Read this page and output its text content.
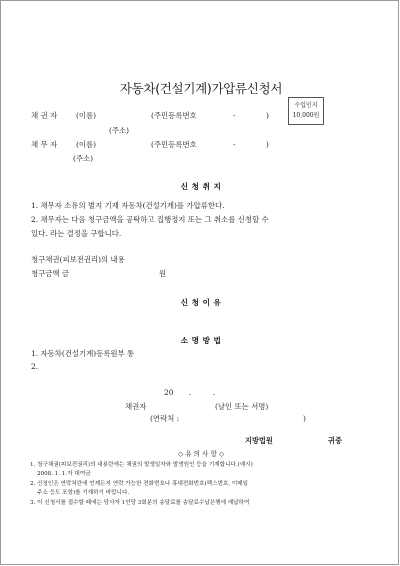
자동차(건설기계)가압류신청서
수입인지
10,000원
채 권 자	(이름)	(주민등록번호	-	)
(주소)
채 무 자	(이름)	(주민등록번호	-	)
(주소)
신 청 취 지
1. 채무자 소유의 별지 기재 자동차(건설기계)를 가압류한다.
2. 채무자는 다음 청구금액을 공탁하고 집행정지 또는 그 취소를 신청할 수
있다. 라는 결정을 구합니다.
청구채권(피보전권리)의 내용
청구금액 금	원
신 청 이 유
소 명 방 법
1. 자동차(건설기계)등록원부 통
2.
20 .	.
채권자	(날인 또는 서명)
(연락처 :	)
지방법원	귀중
◇ 유 의 사 항 ◇
1. 청구채권(피보전권리)의 내용란에는 채권의 발생일자와 발생원인 등을 기재합니다.(예시)
2008. 1. 1.자 대여금
2. 신청인은 연락처란에 언제든지 연락 가능한 전화번호나 휴대전화번호(팩스번호, 이메일
주소 등도 포함)를 기재하기 바랍니다.
3. 이 신청서를 접수할 때에는 당사자 1인당 3회분의 송달료를 송달료수납은행에 예납하여
